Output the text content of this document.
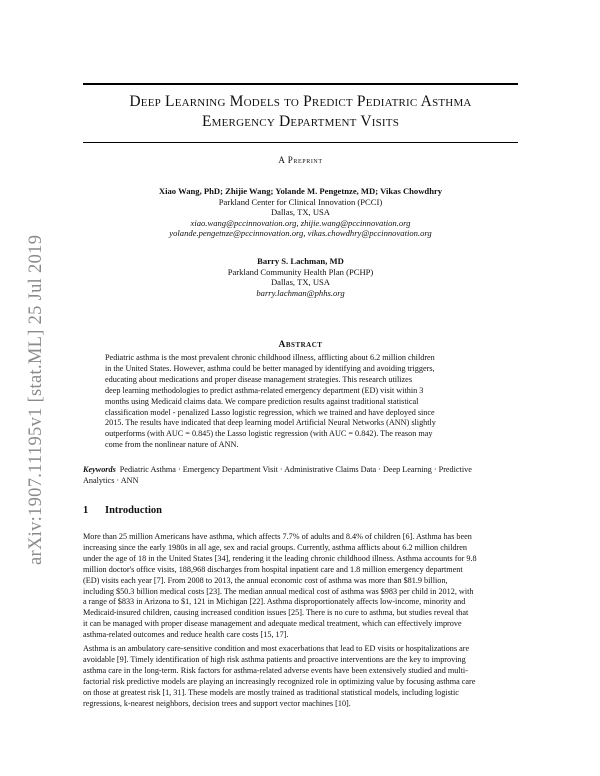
arXiv:1907.11195v1 [stat.ML] 25 Jul 2019
Deep Learning Models to Predict Pediatric Asthma
Emergency Department Visits
A Preprint
Xiao Wang, PhD; Zhijie Wang; Yolande M. Pengetnze, MD; Vikas Chowdhry
Parkland Center for Clinical Innovation (PCCI)
Dallas, TX, USA
xiao.wang@pccinnovation.org, zhijie.wang@pccinnovation.org
yolande.pengetnze@pccinnovation.org, vikas.chowdhry@pccinnovation.org
Barry S. Lachman, MD
Parkland Community Health Plan (PCHP)
Dallas, TX, USA
barry.lachman@phhs.org
Abstract
Pediatric asthma is the most prevalent chronic childhood illness, afflicting about 6.2 million children
in the United States. However, asthma could be better managed by identifying and avoiding triggers,
educating about medications and proper disease management strategies. This research utilizes
deep learning methodologies to predict asthma-related emergency department (ED) visit within 3
months using Medicaid claims data. We compare prediction results against traditional statistical
classification model - penalized Lasso logistic regression, which we trained and have deployed since
2015. The results have indicated that deep learning model Artificial Neural Networks (ANN) slightly
outperforms (with AUC = 0.845) the Lasso logistic regression (with AUC = 0.842). The reason may
come from the nonlinear nature of ANN.
Keywords Pediatric Asthma · Emergency Department Visit · Administrative Claims Data · Deep Learning · Predictive
Analytics · ANN
1 Introduction
More than 25 million Americans have asthma, which affects 7.7% of adults and 8.4% of children [6]. Asthma has been
increasing since the early 1980s in all age, sex and racial groups. Currently, asthma afflicts about 6.2 million children
under the age of 18 in the United States [34], rendering it the leading chronic childhood illness. Asthma accounts for 9.8
million doctor's office visits, 188,968 discharges from hospital inpatient care and 1.8 million emergency department
(ED) visits each year [7]. From 2008 to 2013, the annual economic cost of asthma was more than $81.9 billion,
including $50.3 billion medical costs [23]. The median annual medical cost of asthma was $983 per child in 2012, with
a range of $833 in Arizona to $1, 121 in Michigan [22]. Asthma disproportionately affects low-income, minority and
Medicaid-insured children, causing increased condition issues [25]. There is no cure to asthma, but studies reveal that
it can be managed with proper disease management and adequate medical treatment, which can effectively improve
asthma-related outcomes and reduce health care costs [15, 17].
Asthma is an ambulatory care-sensitive condition and most exacerbations that lead to ED visits or hospitalizations are
avoidable [9]. Timely identification of high risk asthma patients and proactive interventions are the key to improving
asthma care in the long-term. Risk factors for asthma-related adverse events have been extensively studied and multi-
factorial risk predictive models are playing an increasingly recognized role in optimizing value by focusing asthma care
on those at greatest risk [1, 31]. These models are mostly trained as traditional statistical models, including logistic
regressions, k-nearest neighbors, decision trees and support vector machines [10].
